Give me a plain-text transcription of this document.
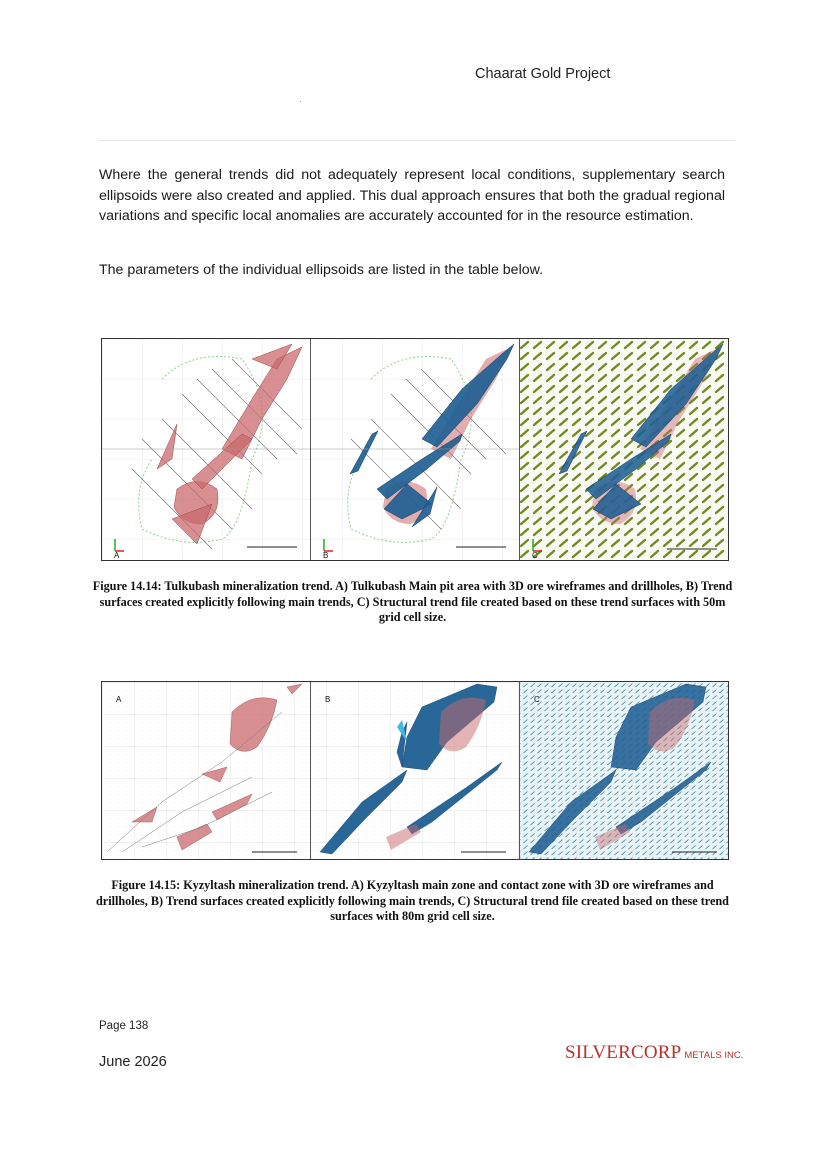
Chaarat Gold Project

Where the general trends did not adequately represent local conditions, supplementary search ellipsoids were also created and applied. This dual approach ensures that both the gradual regional variations and specific local anomalies are accurately accounted for in the resource estimation.

The parameters of the individual ellipsoids are listed in the table below.

A	B	C

Figure 14.14: Tulkubash mineralization trend. A) Tulkubash Main pit area with 3D ore wireframes and drillholes, B) Trend surfaces created explicitly following main trends, C) Structural trend file created based on these trend surfaces with 50m grid cell size.

A	B	C

Figure 14.15: Kyzyltash mineralization trend. A) Kyzyltash main zone and contact zone with 3D ore wireframes and drillholes, B) Trend surfaces created explicitly following main trends, C) Structural trend file created based on these trend surfaces with 80m grid cell size.

Page 138
June 2026	SILVERCORP METALS INC.
